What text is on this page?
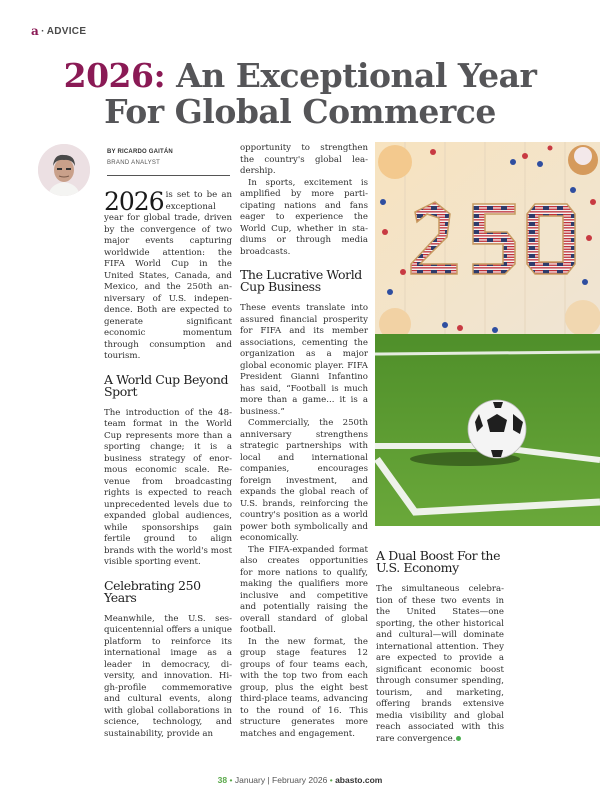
a · ADVICE
2026: An Exceptional Year
For Global Commerce
BY RICARDO GAITÁN
BRAND ANALYST

2026 is set to be an exceptional year for global trade, driven by the convergence of two major events capturing worldwide attention: the FIFA World Cup in the United States, Canada, and Mexico, and the 250th anniversary of U.S. independence. Both are expected to generate significant economic momentum through consumption and tourism.

A World Cup Beyond Sport

The introduction of the 48-team format in the World Cup represents more than a sporting change; it is a business strategy of enormous economic scale. Revenue from broadcasting rights is expected to reach unprecedented levels due to expanded global audiences, while sponsorships gain fertile ground to align brands with the world's most visible sporting event.

Celebrating 250 Years

Meanwhile, the U.S. sesquicentennial offers a unique platform to reinforce its international image as a leader in democracy, diversity, and innovation. High-profile commemorative and cultural events, along with global collaborations in science, technology, and sustainability, provide an

opportunity to strengthen the country's global leadership.

In sports, excitement is amplified by more participating nations and fans eager to experience the World Cup, whether in stadiums or through media broadcasts.

The Lucrative World Cup Business

These events translate into assured financial prosperity for FIFA and its member associations, cementing the organization as a major global economic player. FIFA President Gianni Infantino has said, “Football is much more than a game... it is a business.”

Commercially, the 250th anniversary strengthens strategic partnerships with local and international companies, encourages foreign investment, and expands the global reach of U.S. brands, reinforcing the country's position as a world power both symbolically and economically.

The FIFA-expanded format also creates opportunities for more nations to qualify, making the qualifiers more inclusive and competitive and potentially raising the overall standard of global football.

In the new format, the group stage features 12 groups of four teams each, with the top two from each group, plus the eight best third-place teams, advancing to the round of 16. This structure generates more matches and engagement.

A Dual Boost For the U.S. Economy

The simultaneous celebration of these two events in the United States—one sporting, the other historical and cultural—will dominate international attention. They are expected to provide a significant economic boost through consumer spending, tourism, and marketing, offering brands extensive media visibility and global reach associated with this rare convergence.

38 • January | February 2026 • abasto.com
